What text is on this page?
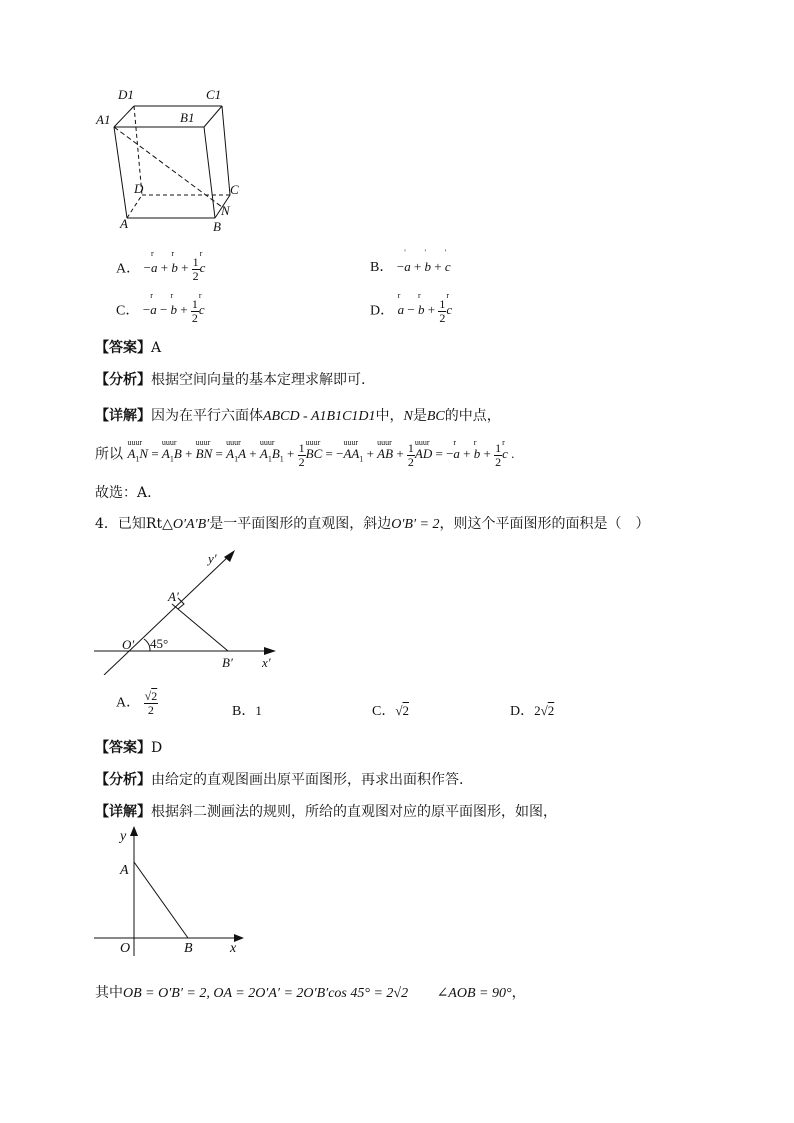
D1	C1
A1	B1
D	C
A
N
B
A． −r a + r $b + \frac{1}{2}$ r c	B． −' a + ' b + ' c
C． −r a − r $b + \frac{1}{2}$ r c	D． r a − r $b + \frac{1}{2}$ r c
【答案】A
【分析】根据空间向量的基本定理求解即可.
【详解】因为在平行六面体ABCD - A1B1C1D1中，N是BC的中点，
所以 uuur $A_1N$ = uuur $A_1B$ + uuur BN = uuur $A_1A$ + uuur $A_1B_1 + \frac{1}{2}$ uuur BC = −uuur $AA_1$ + uuur AB + $\frac{1}{2}$ uuur AD = −r a + r $b + \frac{1}{2}$ r c .
故选：A.
4．已知Rt△O′A′B′是一平面图形的直观图，斜边O′B′ = 2，则这个平面图形的面积是（　）
y′
A′
O′ 45°
B′ x′
A． $\frac{√2}{2}$	B．1	C．√2	D．2√2
【答案】D
【分析】由给定的直观图画出原平面图形，再求出面积作答.
【详解】根据斜二测画法的规则，所给的直观图对应的原平面图形，如图，
y
A
O	B	x
其中OB = O′B′ = 2, OA = 2O′A′ = 2O′B′cos 45° = 2√2 ∠AOB = 90°，
